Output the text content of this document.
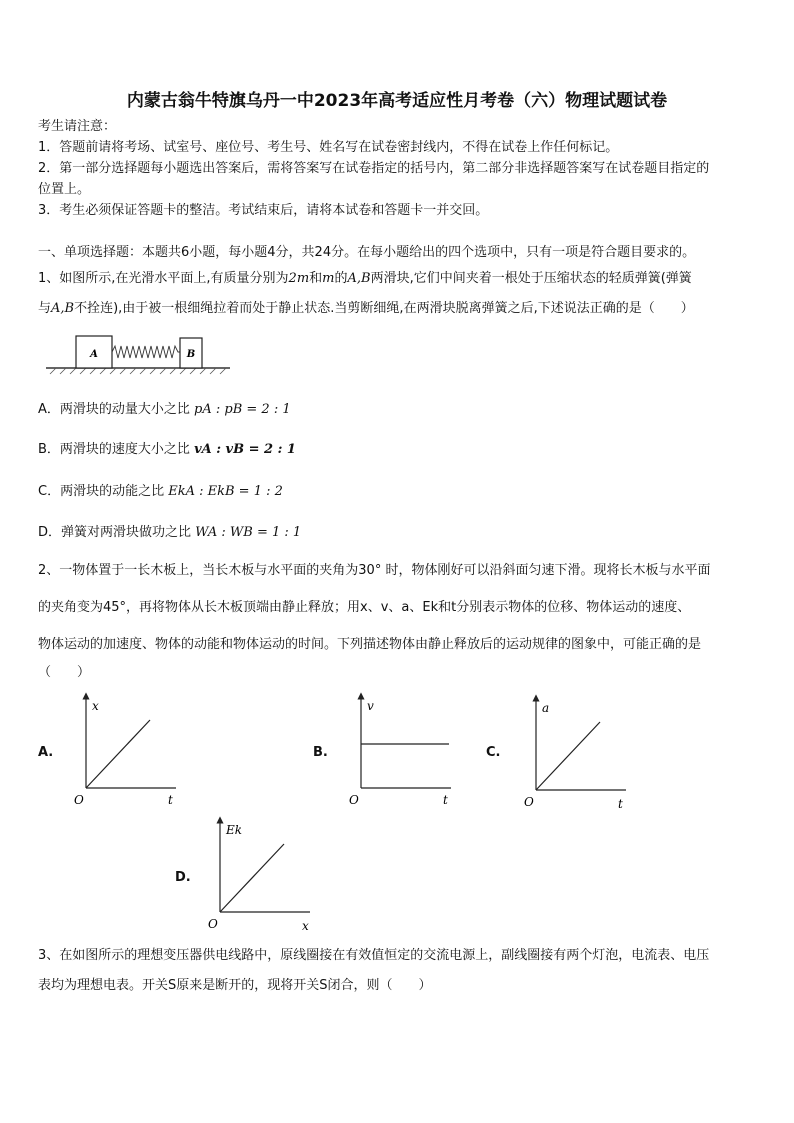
内蒙古翁牛特旗乌丹一中2023年高考适应性月考卷（六）物理试题试卷
考生请注意：
1．答题前请将考场、试室号、座位号、考生号、姓名写在试卷密封线内，不得在试卷上作任何标记。
2．第一部分选择题每小题选出答案后，需将答案写在试卷指定的括号内，第二部分非选择题答案写在试卷题目指定的
位置上。
3．考生必须保证答题卡的整洁。考试结束后，请将本试卷和答题卡一并交回。
一、单项选择题：本题共6小题，每小题4分，共24分。在每小题给出的四个选项中，只有一项是符合题目要求的。
1、如图所示,在光滑水平面上,有质量分别为2m和m的A,B两滑块,它们中间夹着一根处于压缩状态的轻质弹簧(弹簧
与A,B不拴连),由于被一根细绳拉着而处于静止状态.当剪断细绳,在两滑块脱离弹簧之后,下述说法正确的是（　　）
A	B
A．两滑块的动量大小之比 pA : pB = 2 : 1
B．两滑块的速度大小之比 vA : vB = 2 : 1
C．两滑块的动能之比 EkA : EkB = 1 : 2
D．弹簧对两滑块做功之比 WA : WB = 1 : 1
2、一物体置于一长木板上，当长木板与水平面的夹角为30° 时，物体刚好可以沿斜面匀速下滑。现将长木板与水平面
的夹角变为45°，再将物体从长木板顶端由静止释放；用x、v、a、Ek和t分别表示物体的位移、物体运动的速度、
物体运动的加速度、物体的动能和物体运动的时间。下列描述物体由静止释放后的运动规律的图象中，可能正确的是
（　　）
A.
x
t
O
B.
v
t
O
C.
a
t
O
D.
Ek
x
O
3、在如图所示的理想变压器供电线路中，原线圈接在有效值恒定的交流电源上，副线圈接有两个灯泡，电流表、电压
表均为理想电表。开关S原来是断开的，现将开关S闭合，则（　　）
